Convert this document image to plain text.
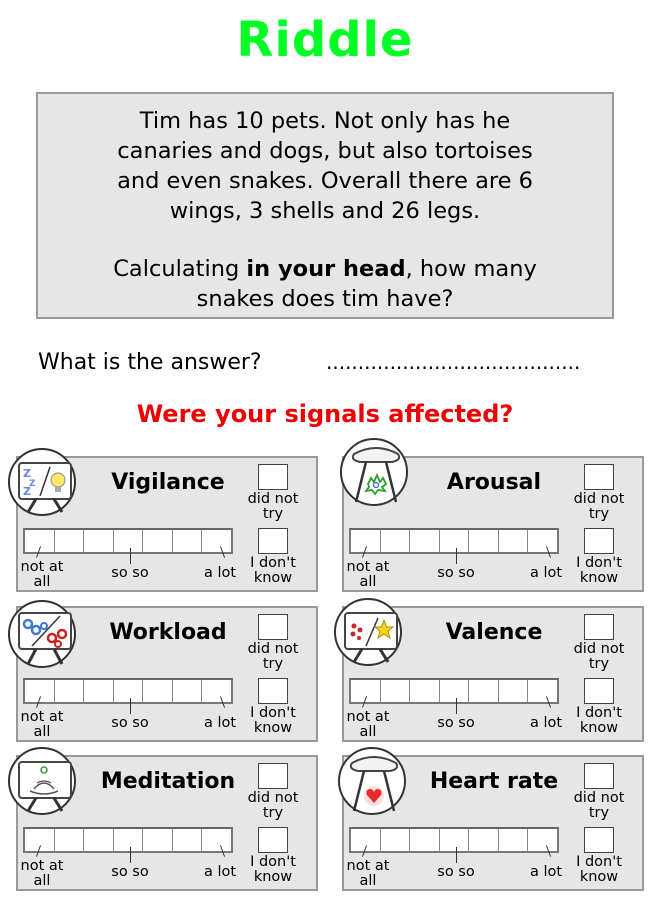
Riddle

Tim has 10 pets. Not only has he

canaries and dogs, but also tortoises

and even snakes. Overall there are 6

wings, 3 shells and 26 legs.

Calculating in your head, how many

snakes does tim have?

What is the answer?	........................................
Were your signals affected?
Vigilance
not at
all
so so	a lot
did not
try
I don't
know
Z
Z
Z	Arousal
not at
all
so so	a lot
did not
try
I don't
know
Workload
not at
all
so so	a lot
did not
try
I don't
know
Valence
not at
all
so so	a lot
did not
try
I don't
know
Meditation
not at
all
so so	a lot
did not
try
I don't
know
Heart rate
not at
all
so so	a lot
did not
try
I don't
know
